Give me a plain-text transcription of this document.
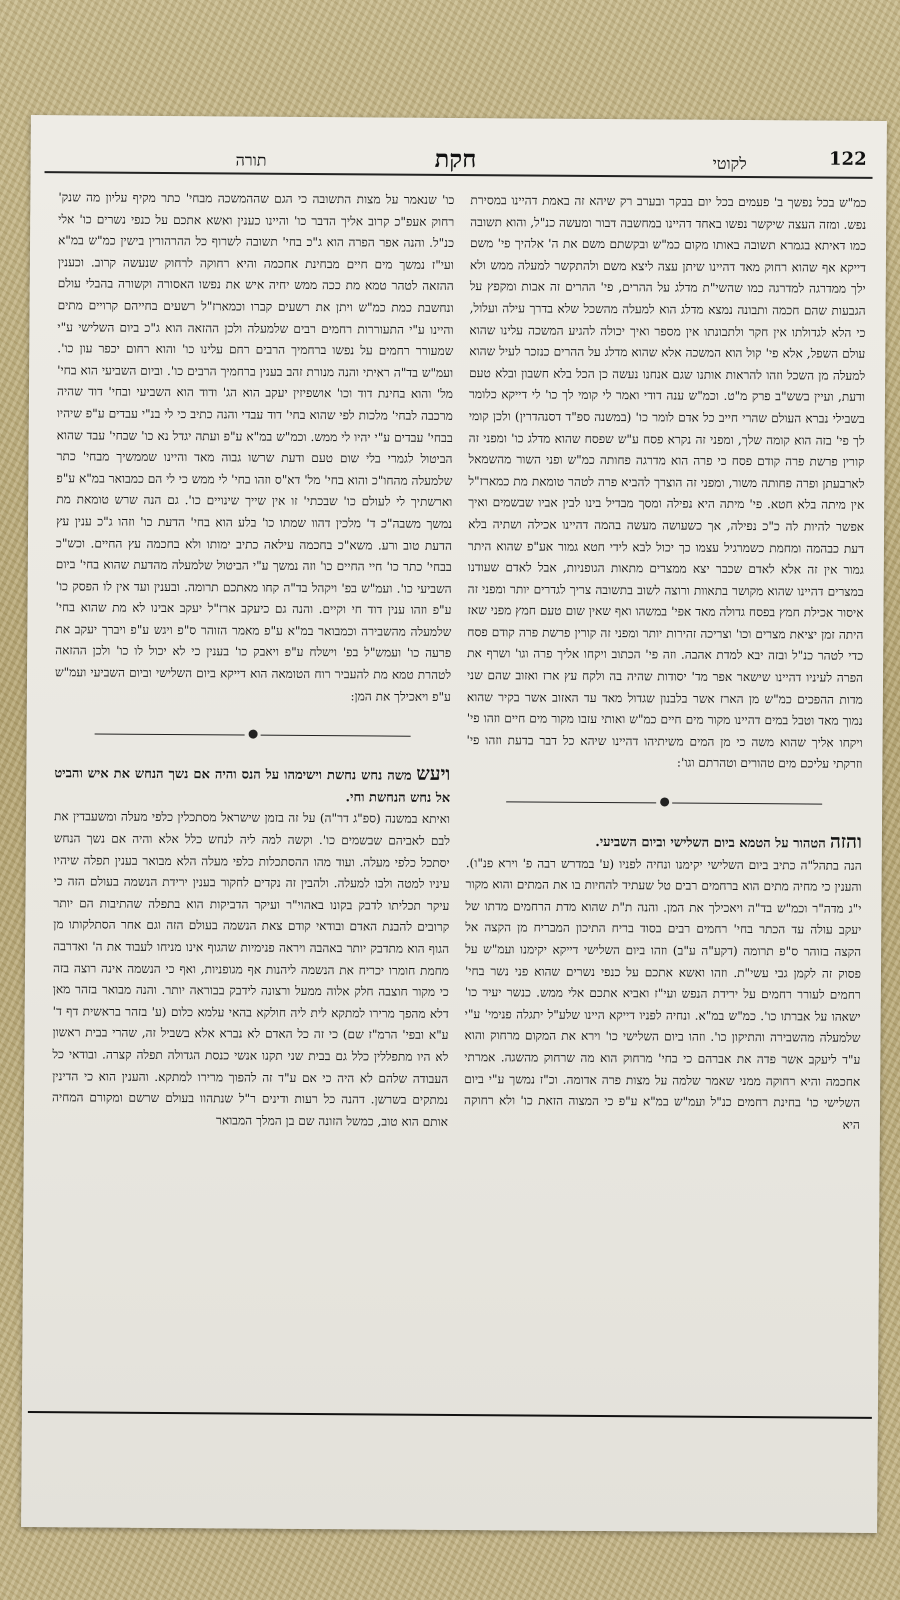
122
לקוטי
חקת
תורה

כמ"ש בכל נפשך ב' פעמים בכל יום בבקר ובערב רק שיהא זה באמת דהיינו במסירת נפש. ומזה העצה שיקשר נפשו באחד דהיינו במחשבה דבור ומעשה כנ"ל, והוא תשובה כמו דאיתא בגמרא תשובה באותו מקום כמ"ש ובקשתם משם את ה' אלהיך פי' משם דייקא אף שהוא רחוק מאד דהיינו שיתן עצה ליצא משם ולהתקשר למעלה ממש ולא ילך ממדרגה למדרגה כמו שהשי"ת מדלג על ההרים, פי' ההרים זה אבות ומקפץ על הגבעות שהם חכמה ותבונה נמצא מדלג הוא למעלה מהשכל שלא בדרך עילה ועלול, כי הלא לגדולתו אין חקר ולתבונתו אין מספר ואיך יכולה להגיע המשכה עלינו שהוא עולם השפל, אלא פי' קול הוא המשכה אלא שהוא מדלג על ההרים כנזכר לעיל שהוא למעלה מן השכל וזהו להראות אותנו שגם אנחנו נעשה כן הכל בלא חשבון ובלא טעם ודעת, ועיין בשש"ב פרק מ"ט. וכמ"ש ענה דודי ואמר לי קומי לך כו' לי דייקא כלומר בשבילי נברא העולם שהרי חייב כל אדם לומר כו' (במשנה ספ"ד דסנהדרין) ולכן קומי לך פי' בזה הוא קומה שלך, ומפני זה נקרא פסח ע"ש שפסח שהוא מדלג כו' ומפני זה קורין פרשת פרה קודם פסח כי פרה הוא מדרגה פחותה כמ"ש ופני השור מהשמאל לארבעתן ופרה פחותה משור, ומפני זה הוצרך להביא פרה לטהר טומאת מת כמארז"ל אין מיתה בלא חטא. פי' מיתה היא נפילה ומסך מבדיל בינו לבין אביו שבשמים ואיך אפשר להיות לה כ"כ נפילה, אך כשעושה מעשה בהמה דהיינו אכילה ושתיה בלא דעת כבהמה ומחמת כשמרגיל עצמו כך יכול לבא לידי חטא גמור אע"פ שהוא היתר גמור אין זה אלא לאדם שכבר יצא ממצרים מתאות הגופניות, אבל לאדם שעודנו במצרים דהיינו שהוא מקושר בתאוות ורוצה לשוב בתשובה צריך לגדרים יותר ומפני זה איסור אכילת חמץ בפסח גדולה מאד אפי' במשהו ואף שאין שום טעם חמץ מפני שאז היתה זמן יציאת מצרים וכו' וצריכה זהירות יותר ומפני זה קורין פרשת פרה קודם פסח כדי לטהר כנ"ל ובזה יבא למדת אהבה. וזה פי' הכתוב ויקחו אליך פרה וגו' ושרף את הפרה לעיניו דהיינו שישאר אפר מד' יסודות שהיה בה ולקח עץ ארז ואזוב שהם שני מדות ההפכים כמ"ש מן הארז אשר בלבנון שגדול מאד עד האזוב אשר בקיר שהוא נמוך מאד וטבל במים דהיינו מקור מים חיים כמ"ש ואותי עזבו מקור מים חיים וזהו פי' ויקחו אליך שהוא משה כי מן המים משיתיהו דהיינו שיהא כל דבר בדעת וזהו פי' וזרקתי עליכם מים טהורים וטהרתם וגו':

והזה הטהור על הטמא ביום השלישי וביום השביעי.

הנה בתהל"ה כתיב ביום השלישי יקימנו ונחיה לפניו (ע' במדרש רבה פ' וירא פנ"ו). והענין כי מחיה מתים הוא ברחמים רבים טל שעתיד להחיות בו את המתים והוא מקור י"ג מדה"ר וכמ"ש בד"ה ויאכילך את המן. והנה ת"ת שהוא מדת הרחמים מדתו של יעקב עולה עד הכתר בחי' רחמים רבים בסוד בריח התיכון המבריח מן הקצה אל הקצה בזוהר ס"פ תרומה (דקע"ה ע"ב) וזהו ביום השלישי דייקא יקימנו ועמ"ש על פסוק זה לקמן גבי עשי"ת. וזהו ואשא אתכם על כנפי נשרים שהוא פני נשר בחי' רחמים לעורר רחמים על ירידת הנפש ועי"ז ואביא אתכם אלי ממש. כנשר יעיר כו' ישאהו על אברתו כו'. כמ"ש במ"א. ונחיה לפניו דייקא היינו שלע"ל יתגלה פנימי' ע"י שלמעלה מהשבירה והתיקון כו'. וזהו ביום השלישי כו' וירא את המקום מרחוק והוא ע"ד ליעקב אשר פדה את אברהם כי בחי' מרחוק הוא מה שרחוק מהשגה. אמרתי אחכמה והיא רחוקה ממני שאמר שלמה על מצות פרה אדומה. וכ"ז נמשך ע"י ביום השלישי כו' בחינת רחמים כנ"ל ועמ"ש במ"א ע"פ כי המצוה הזאת כו' ולא רחוקה היא

כו' שנאמר על מצות התשובה כי הגם שההמשכה מבחי' כתר מקיף עליון מה שנק' רחוק אעפ"כ קרוב אליך הדבר כו' והיינו כענין ואשא אתכם על כנפי נשרים כו' אלי כנ"ל. והנה אפר הפרה הוא ג"כ בחי' תשובה לשרוף כל ההרהורין בישין כמ"ש במ"א ועי"ז נמשך מים חיים מבחינת אחכמה והיא רחוקה לרחוק שנעשה קרוב. וכענין ההזאה לטהר טמא מת ככה ממש יחיה איש את נפשו האסורה וקשורה בהבלי עולם ונחשבת כמת כמ"ש ויתן את רשעים קברו וכמארז"ל רשעים בחייהם קרויים מתים והיינו ע"י התעוררות רחמים רבים שלמעלה ולכן ההזאה הוא ג"כ ביום השלישי ע"י שמעורר רחמים על נפשו ברחמיך הרבים רחם עלינו כו' והוא רחום יכפר עון כו'. ועמ"ש בד"ה ראיתי והנה מנורת זהב בענין ברחמיך הרבים כו'. וביום השביעי הוא בחי' מל' והוא בחינת דוד וכו' אושפיזין יעקב הוא הג' ודוד הוא השביעי ובחי' דוד שהיה מרכבה לבחי' מלכות לפי שהוא בחי' דוד עבדי והנה כתיב כי לי בנ"י עבדים ע"פ שיהיו בבחי' עבדים ע"י יהיו לי ממש. וכמ"ש במ"א ע"פ ועתה יגדל נא כו' שבחי' עבד שהוא הביטול לגמרי בלי שום טעם ודעת שרשו גבוה מאד והיינו שממשיך מבחי' כתר שלמעלה מהחו"כ והוא בחי' מל' דא"ס וזהו בחי' לי ממש כי לי הם כמבואר במ"א ע"פ וארשתיך לי לעולם כו' שבכתי' זו אין שייך שינויים כו'. גם הנה שרש טומאת מת נמשך משבה"כ ד' מלכין דהוו שמתו כו' בלע הוא בחי' הדעת כו' וזהו ג"כ ענין עץ הדעת טוב ורע. משא"כ בחכמה עילאה כתיב ימותו ולא בחכמה עץ החיים. וכש"כ בבחי' כתר כו' חיי החיים כו' וזה נמשך ע"י הביטול שלמעלה מהדעת שהוא בחי' ביום השביעי כו'. ועמ"ש בפ' ויקהל בד"ה קחו מאתכם תרומה. ובענין ועד אין לו הפסק כו' ע"פ וזהו ענין דוד חי וקיים. והנה גם כיעקב ארז"ל יעקב אבינו לא מת שהוא בחי' שלמעלה מהשבירה וכמבואר במ"א ע"פ מאמר הזוהר ס"פ ויגש ע"פ ויברך יעקב את פרעה כו' ועמש"ל בפ' וישלח ע"פ ויאבק כו' בענין כי לא יכול לו כו' ולכן ההזאה לטהרת טמא מת להעביר רוח הטומאה הוא דייקא ביום השלישי וביום השביעי ועמ"ש ע"פ ויאכילך את המן:

ויעש משה נחש נחשת וישימהו על הנס והיה אם נשך הנחש את איש והביט אל נחש הנחשת וחי.

ואיתא במשנה (ספ"ג דר"ה) על זה בזמן שישראל מסתכלין כלפי מעלה ומשעבדין את לבם לאביהם שבשמים כו'. וקשה למה ליה לנחש כלל אלא והיה אם נשך הנחש יסתכל כלפי מעלה. ועוד מהו ההסתכלות כלפי מעלה הלא מבואר בענין תפלה שיהיו עיניו למטה ולבו למעלה. ולהבין זה נקדים לחקור בענין ירידת הנשמה בעולם הזה כי עיקר תכליתו לדבק בקונו באהוי"ר ועיקר הדביקות הוא בתפלה שהתיבות הם יותר קרובים להבנת האדם ובודאי קודם צאת הנשמה בעולם הזה וגם אחר הסתלקותו מן הגוף הוא מתדבק יותר באהבה ויראה פנימיות שהגוף אינו מניחו לעבוד את ה' ואדרבה מחמת חומרו יכריח את הנשמה ליהנות אף מגופניות, ואף כי הנשמה אינה רוצה בזה כי מקור חוצבה חלק אלוה ממעל ורצונה לידבק בבוראה יותר. והנה מבואר בזהר מאן דלא מהפך מרירו למתקא לית ליה חולקא בהאי עלמא כלום (ע' בזהר בראשית דף ד' ע"א ובפי' הרמ"ז שם) כי זה כל האדם לא נברא אלא בשביל זה, שהרי בבית ראשון לא היו מתפללין כלל גם בבית שני תקנו אנשי כנסת הגדולה תפלה קצרה. ובודאי כל העבודה שלהם לא היה כי אם ע"ד זה להפוך מרירו למתקא. והענין הוא כי הדינין נמתקים בשרשן. דהנה כל רעות ודינים ר"ל שנתהוו בעולם שרשם ומקורם המחיה אותם הוא טוב, כמשל הזונה שם בן המלך המבואר
